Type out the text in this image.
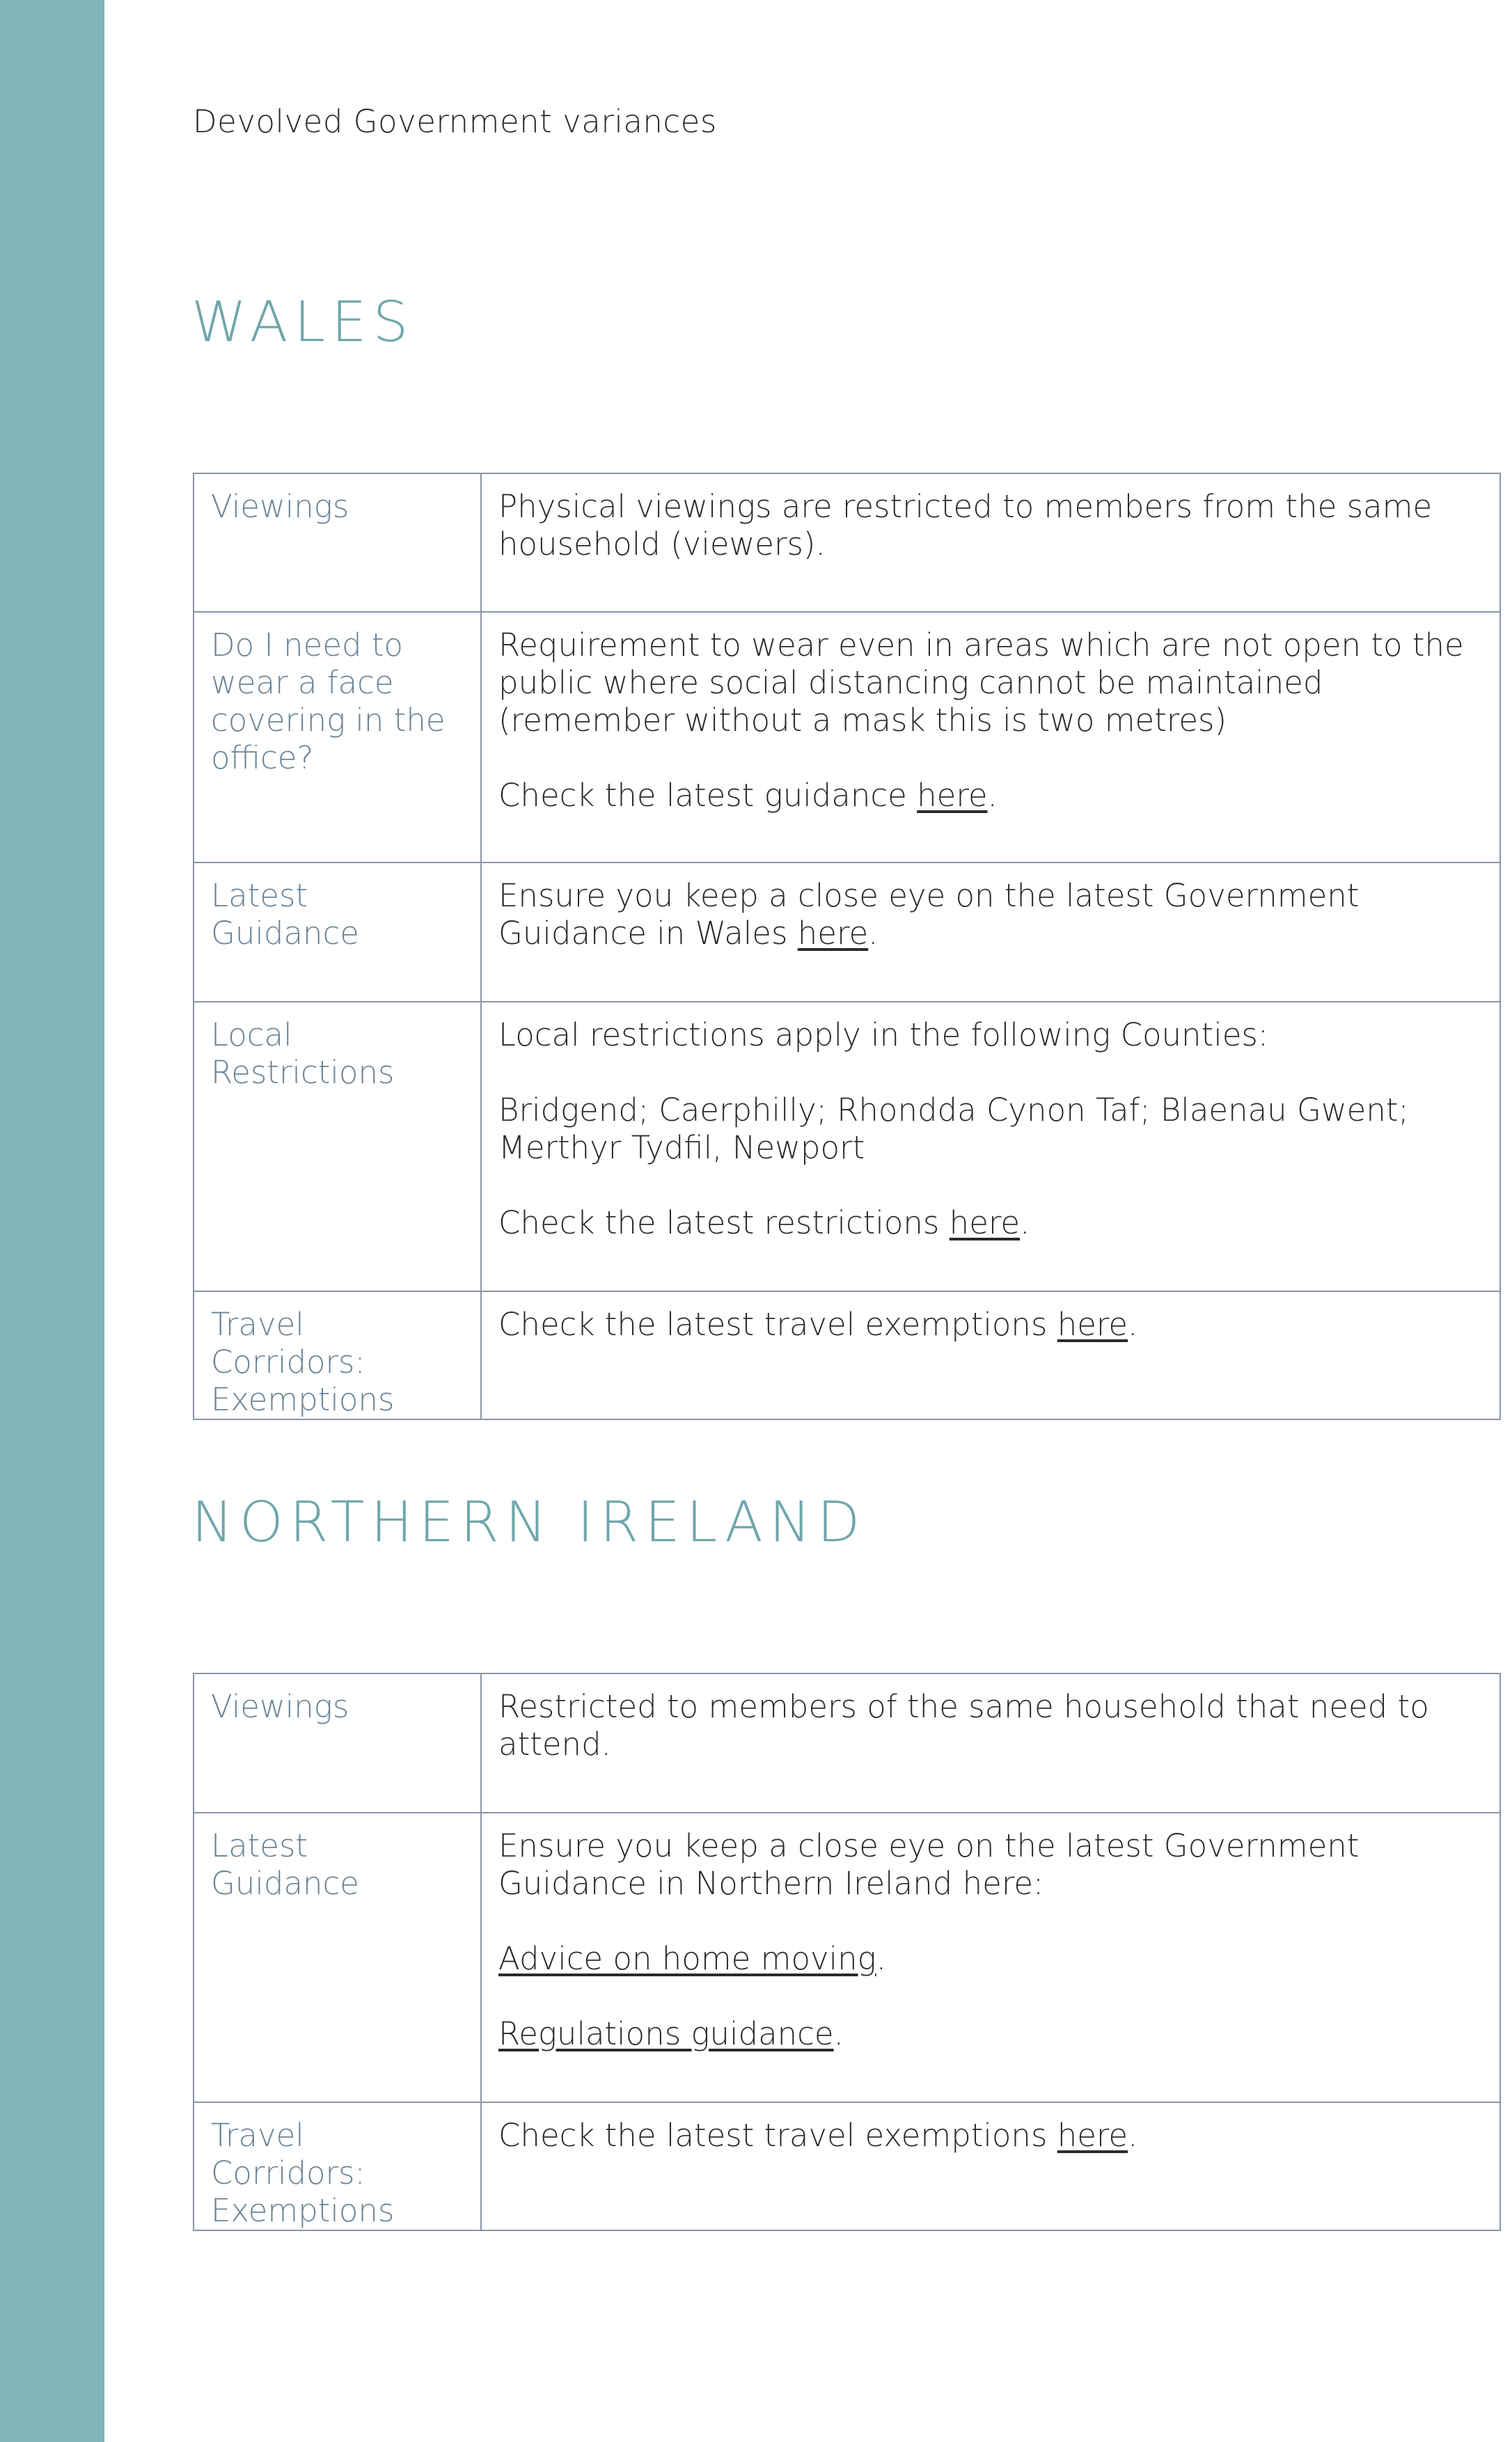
Devolved Government variances
WALES
Viewings	Physical viewings are restricted to members from the same household (viewers).

Do I need to wear a face covering in the office?	Requirement to wear even in areas which are not open to the public where social distancing cannot be maintained (remember without a mask this is two metres)

Check the latest guidance here.

Latest Guidance	Ensure you keep a close eye on the latest Government Guidance in Wales here.

Local Restrictions	Local restrictions apply in the following Counties:

Bridgend; Caerphilly; Rhondda Cynon Taf; Blaenau Gwent; Merthyr Tydfil, Newport

Check the latest restrictions here.

Travel Corridors: Exemptions	Check the latest travel exemptions here.

NORTHERN IRELAND
Viewings	Restricted to members of the same household that need to attend.

Latest Guidance	Ensure you keep a close eye on the latest Government Guidance in Northern Ireland here:

Advice on home moving.

Regulations guidance.

Travel Corridors: Exemptions	Check the latest travel exemptions here.
